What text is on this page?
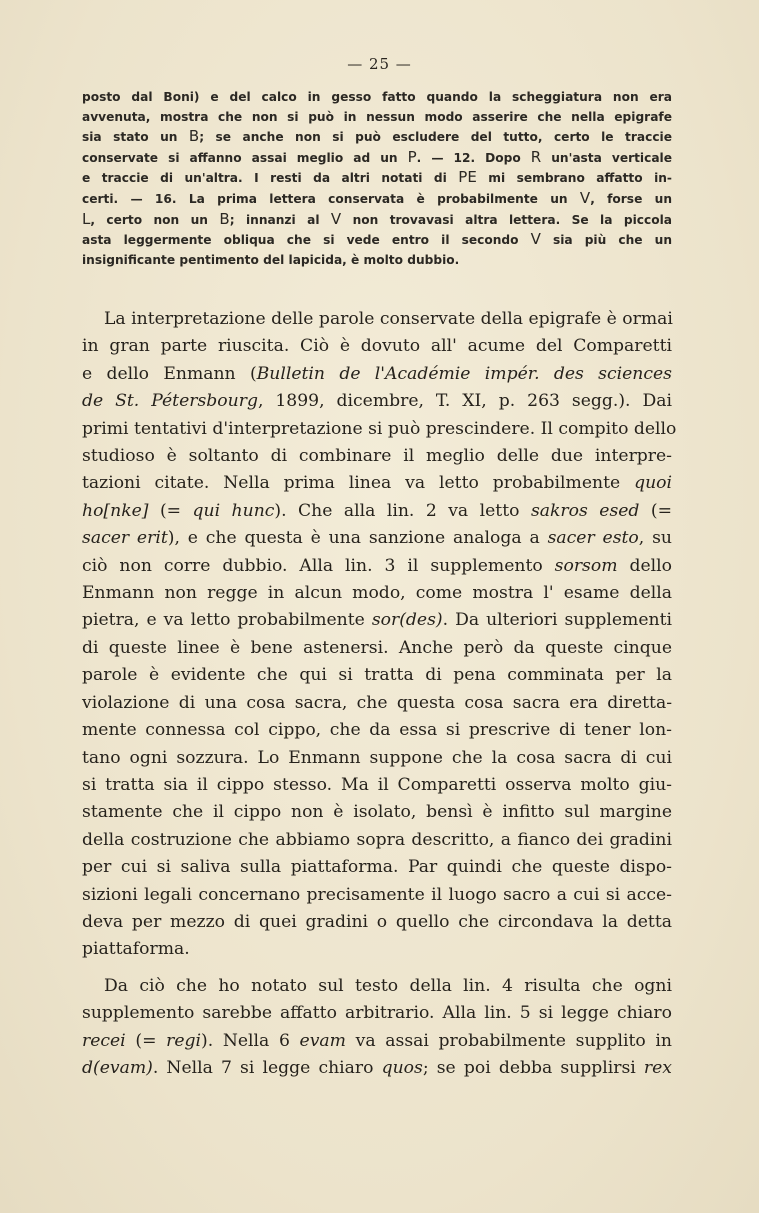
— 25 —
posto dal Boni) e del calco in gesso fatto quando la scheggiatura non era
avvenuta, mostra che non si può in nessun modo asserire che nella epigrafe
sia stato un B; se anche non si può escludere del tutto, certo le traccie
conservate si affanno assai meglio ad un P. — 12. Dopo R un'asta verticale
e traccie di un'altra. I resti da altri notati di PE mi sembrano affatto in-
certi. — 16. La prima lettera conservata è probabilmente un V, forse un
L, certo non un B; innanzi al V non trovavasi altra lettera. Se la piccola
asta leggermente obliqua che si vede entro il secondo V sia più che un
insignificante pentimento del lapicida, è molto dubbio.
La interpretazione delle parole conservate della epigrafe è ormai
in gran parte riuscita. Ciò è dovuto all' acume del Comparetti
e dello Enmann (Bulletin de l'Académie impér. des sciences
de St. Pétersbourg, 1899, dicembre, T. XI, p. 263 segg.). Dai
primi tentativi d'interpretazione si può prescindere. Il compito dello
studioso è soltanto di combinare il meglio delle due interpre-
tazioni citate. Nella prima linea va letto probabilmente quoi
ho[nke] (= qui hunc). Che alla lin. 2 va letto sakros esed (=
sacer erit), e che questa è una sanzione analoga a sacer esto, su
ciò non corre dubbio. Alla lin. 3 il supplemento sorsom dello
Enmann non regge in alcun modo, come mostra l' esame della
pietra, e va letto probabilmente sor(des). Da ulteriori supplementi
di queste linee è bene astenersi. Anche però da queste cinque
parole è evidente che qui si tratta di pena comminata per la
violazione di una cosa sacra, che questa cosa sacra era diretta-
mente connessa col cippo, che da essa si prescrive di tener lon-
tano ogni sozzura. Lo Enmann suppone che la cosa sacra di cui
si tratta sia il cippo stesso. Ma il Comparetti osserva molto giu-
stamente che il cippo non è isolato, bensì è infitto sul margine
della costruzione che abbiamo sopra descritto, a fianco dei gradini
per cui si saliva sulla piattaforma. Par quindi che queste dispo-
sizioni legali concernano precisamente il luogo sacro a cui si acce-
deva per mezzo di quei gradini o quello che circondava la detta
piattaforma.
Da ciò che ho notato sul testo della lin. 4 risulta che ogni
supplemento sarebbe affatto arbitrario. Alla lin. 5 si legge chiaro
recei (= regi). Nella 6 evam va assai probabilmente supplito in
d(evam). Nella 7 si legge chiaro quos; se poi debba supplirsi rex
